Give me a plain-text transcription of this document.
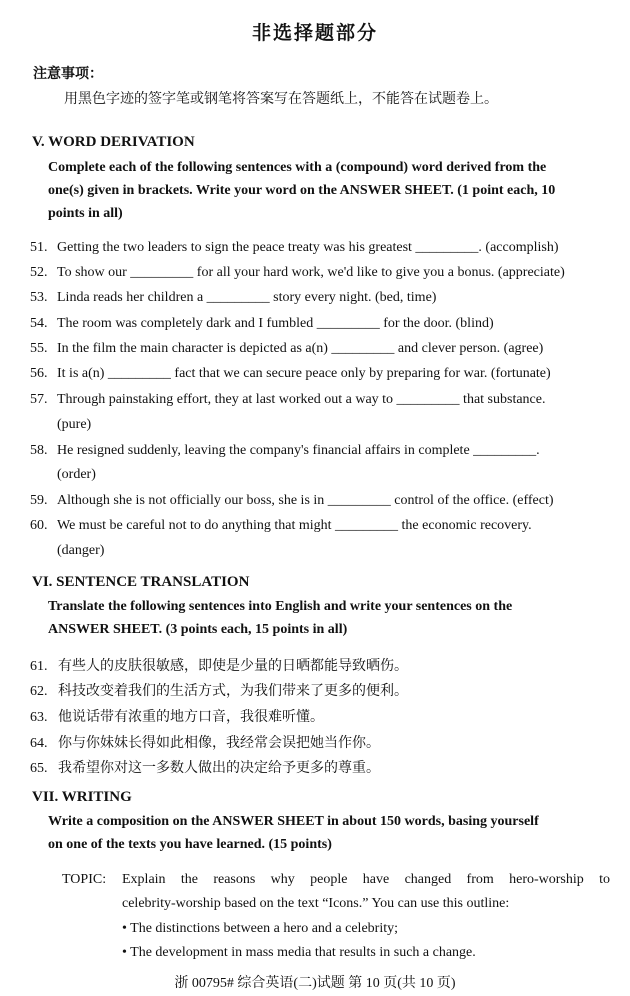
非选择题部分
注意事项：
用黑色字迹的签字笔或钢笔将答案写在答题纸上，不能答在试题卷上。
V. WORD DERIVATION
Complete each of the following sentences with a (compound) word derived from the
one(s) given in brackets. Write your word on the ANSWER SHEET. (1 point each, 10
points in all)
51. Getting the two leaders to sign the peace treaty was his greatest _________. (accomplish)
52. To show our _________ for all your hard work, we'd like to give you a bonus. (appreciate)
53. Linda reads her children a _________ story every night. (bed, time)
54. The room was completely dark and I fumbled _________ for the door. (blind)
55. In the film the main character is depicted as a(n) _________ and clever person. (agree)
56. It is a(n) _________ fact that we can secure peace only by preparing for war. (fortunate)
57. Through painstaking effort, they at last worked out a way to _________ that substance.
(pure)
58. He resigned suddenly, leaving the company's financial affairs in complete _________.
(order)
59. Although she is not officially our boss, she is in _________ control of the office. (effect)
60. We must be careful not to do anything that might _________ the economic recovery.
(danger)
VI. SENTENCE TRANSLATION
Translate the following sentences into English and write your sentences on the
ANSWER SHEET. (3 points each, 15 points in all)
61. 有些人的皮肤很敏感，即使是少量的日晒都能导致晒伤。
62. 科技改变着我们的生活方式，为我们带来了更多的便利。
63. 他说话带有浓重的地方口音，我很难听懂。
64. 你与你妹妹长得如此相像，我经常会误把她当作你。
65. 我希望你对这一多数人做出的决定给予更多的尊重。
VII. WRITING
Write a composition on the ANSWER SHEET in about 150 words, basing yourself
on one of the texts you have learned. (15 points)
TOPIC: Explain the reasons why people have changed from hero-worship to
celebrity-worship based on the text “Icons.” You can use this outline:
• The distinctions between a hero and a celebrity;
• The development in mass media that results in such a change.
浙 00795# 综合英语(二)试题 第 10 页(共 10 页)
